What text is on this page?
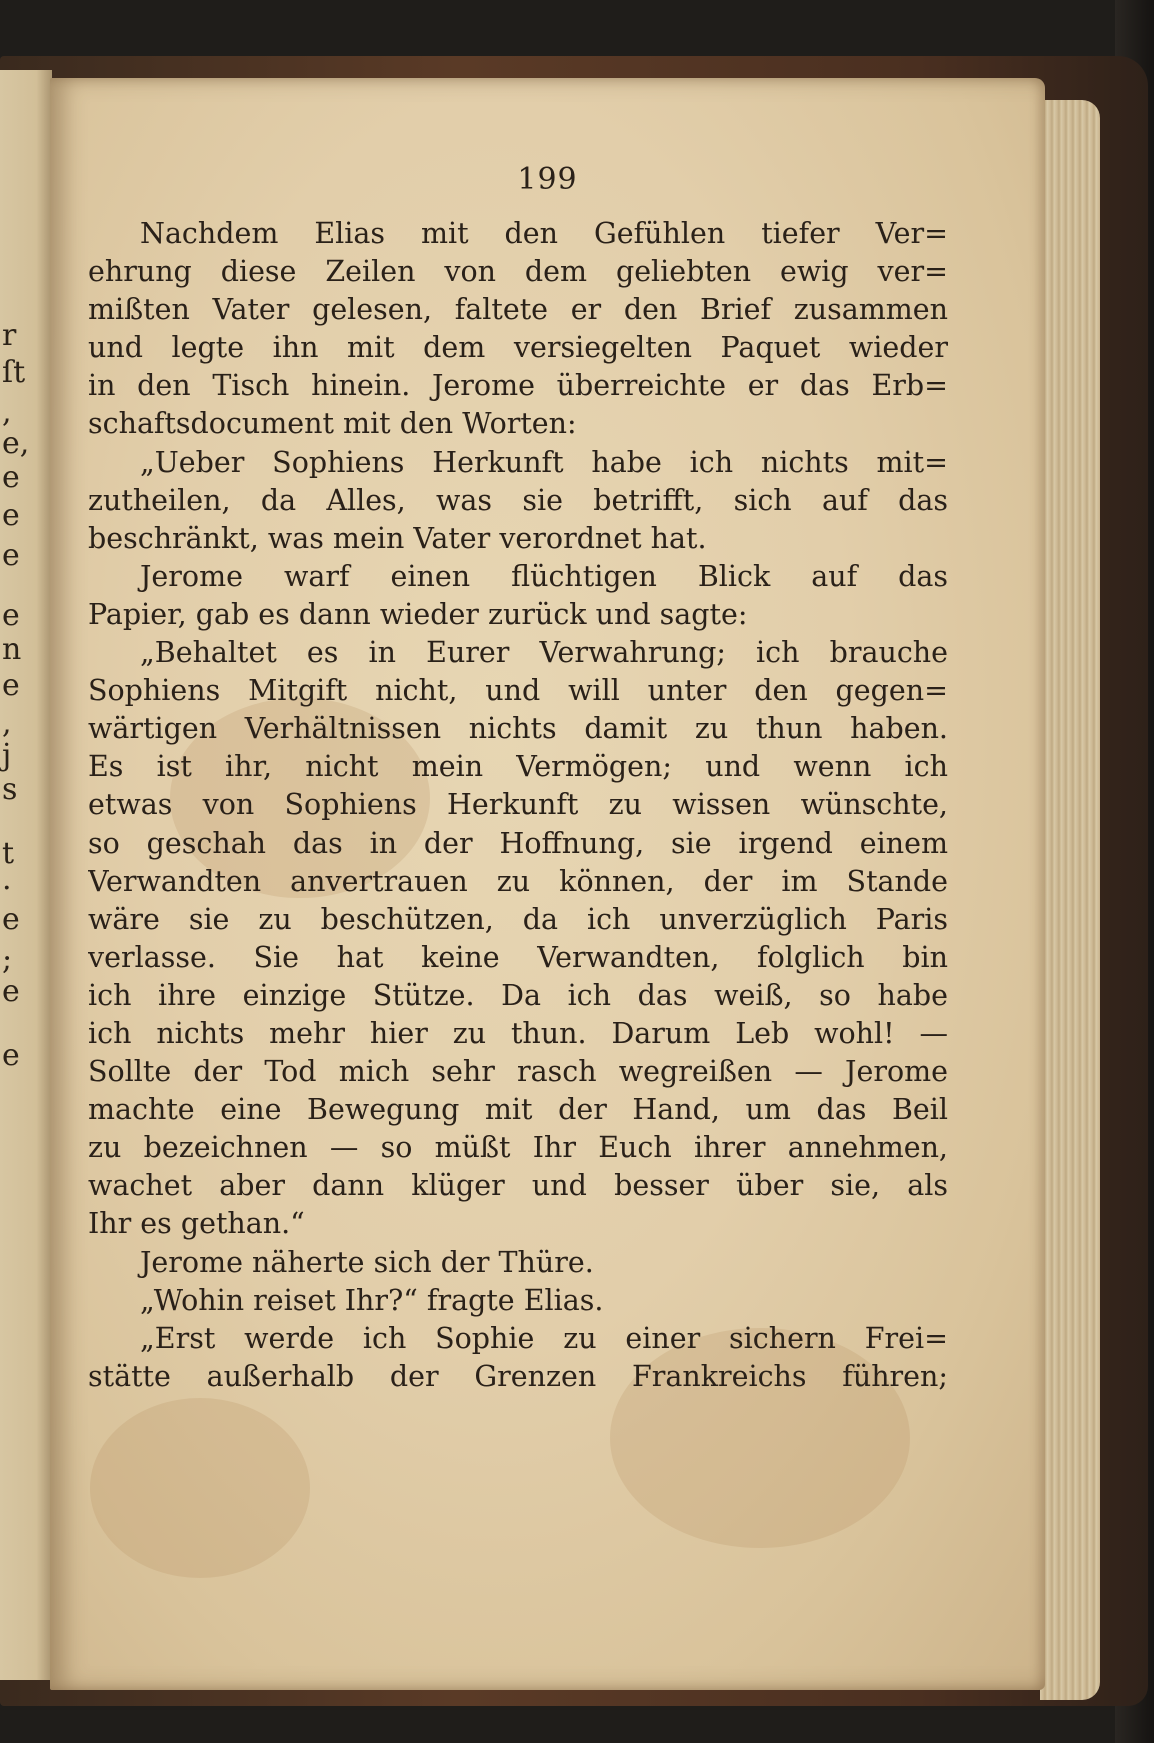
r
ſt
,
e,
e
e
e
e
n
e
,
j
s
t
.
e
;
e
e
199
Nachdem Elias mit den Gefühlen tiefer Ver=
ehrung diese Zeilen von dem geliebten ewig ver=
mißten Vater gelesen, faltete er den Brief zusammen
und legte ihn mit dem versiegelten Paquet wieder
in den Tisch hinein. Jerome überreichte er das Erb=
schaftsdocument mit den Worten:
„Ueber Sophiens Herkunft habe ich nichts mit=
zutheilen, da Alles, was sie betrifft, sich auf das
beschränkt, was mein Vater verordnet hat.
Jerome warf einen flüchtigen Blick auf das
Papier, gab es dann wieder zurück und sagte:
„Behaltet es in Eurer Verwahrung; ich brauche
Sophiens Mitgift nicht, und will unter den gegen=
wärtigen Verhältnissen nichts damit zu thun haben.
Es ist ihr, nicht mein Vermögen; und wenn ich
etwas von Sophiens Herkunft zu wissen wünschte,
so geschah das in der Hoffnung, sie irgend einem
Verwandten anvertrauen zu können, der im Stande
wäre sie zu beschützen, da ich unverzüglich Paris
verlasse. Sie hat keine Verwandten, folglich bin
ich ihre einzige Stütze. Da ich das weiß, so habe
ich nichts mehr hier zu thun. Darum Leb wohl! —
Sollte der Tod mich sehr rasch wegreißen — Jerome
machte eine Bewegung mit der Hand, um das Beil
zu bezeichnen — so müßt Ihr Euch ihrer annehmen,
wachet aber dann klüger und besser über sie, als
Ihr es gethan.“
Jerome näherte sich der Thüre.
„Wohin reiset Ihr?“ fragte Elias.
„Erst werde ich Sophie zu einer sichern Frei=
stätte außerhalb der Grenzen Frankreichs führen;
